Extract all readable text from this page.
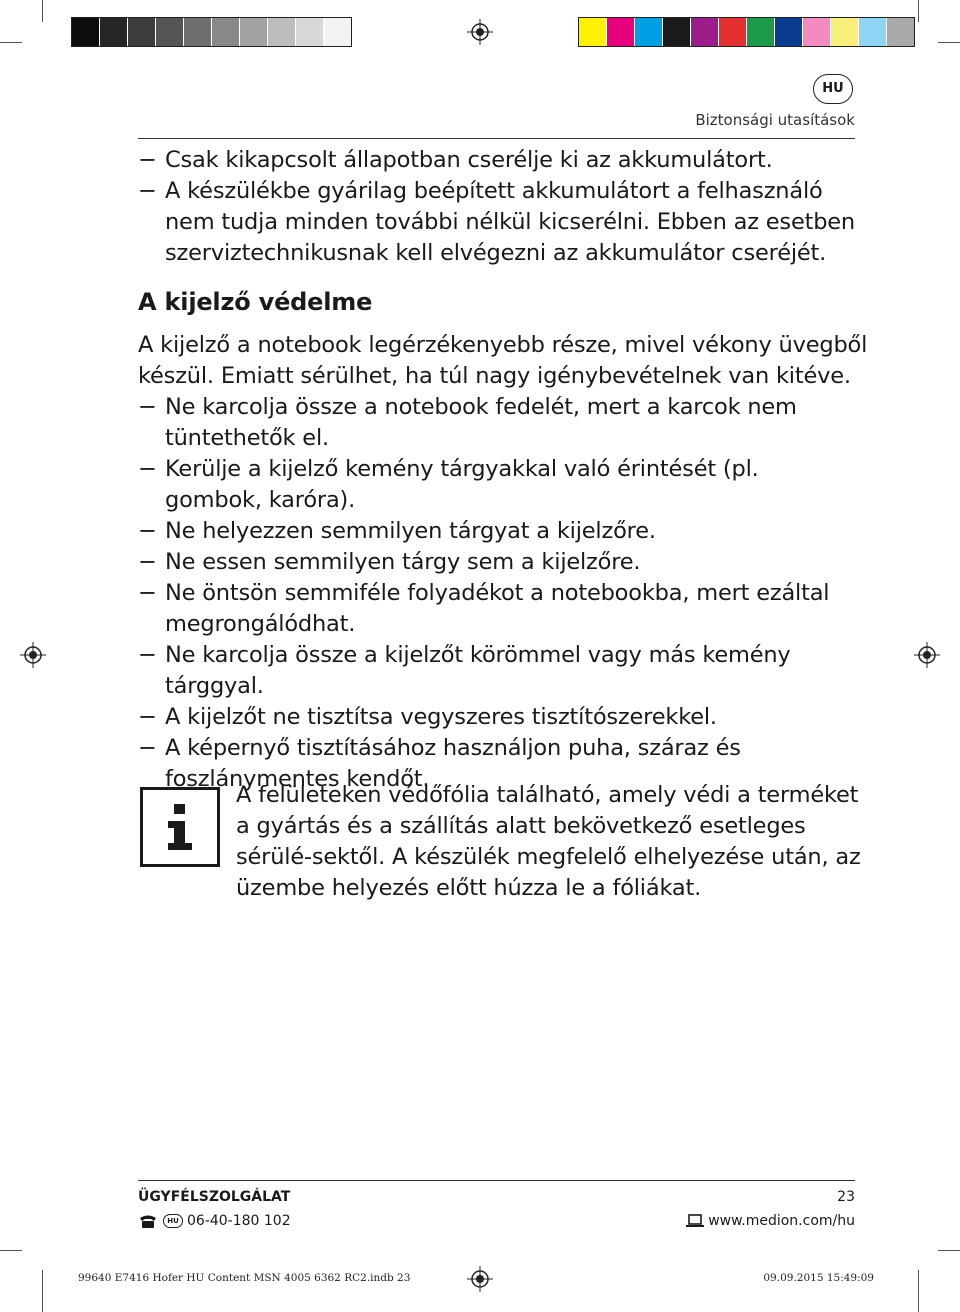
HU
Biztonsági utasítások
− Csak kikapcsolt állapotban cserélje ki az akkumulátort.
− A készülékbe gyárilag beépített akkumulátort a felhasználó nem tudja minden további nélkül kicserélni. Ebben az esetben szerviztechnikusnak kell elvégezni az akkumulátor cseréjét.
A kijelző védelme
A kijelző a notebook legérzékenyebb része, mivel vékony üvegből készül. Emiatt sérülhet, ha túl nagy igénybevételnek van kitéve.
− Ne karcolja össze a notebook fedelét, mert a karcok nem tüntethetők el.
− Kerülje a kijelző kemény tárgyakkal való érintését (pl. gombok, karóra).
− Ne helyezzen semmilyen tárgyat a kijelzőre.
− Ne essen semmilyen tárgy sem a kijelzőre.
− Ne öntsön semmiféle folyadékot a notebookba, mert ezáltal megrongálódhat.
− Ne karcolja össze a kijelzőt körömmel vagy más kemény tárggyal.
− A kijelzőt ne tisztítsa vegyszeres tisztítószerekkel.
− A képernyő tisztításához használjon puha, száraz és foszlánymentes kendőt.
A felületeken védőfólia található, amely védi a terméket a gyártás és a szállítás alatt bekövetkező esetleges sérülé-sektől. A készülék megfelelő elhelyezése után, az üzembe helyezés előtt húzza le a fóliákat.
ÜGYFÉLSZOLGÁLAT	23
HU 06-40-180 102	www.medion.com/hu
99640 E7416 Hofer HU Content MSN 4005 6362 RC2.indb 23	09.09.2015 15:49:09
